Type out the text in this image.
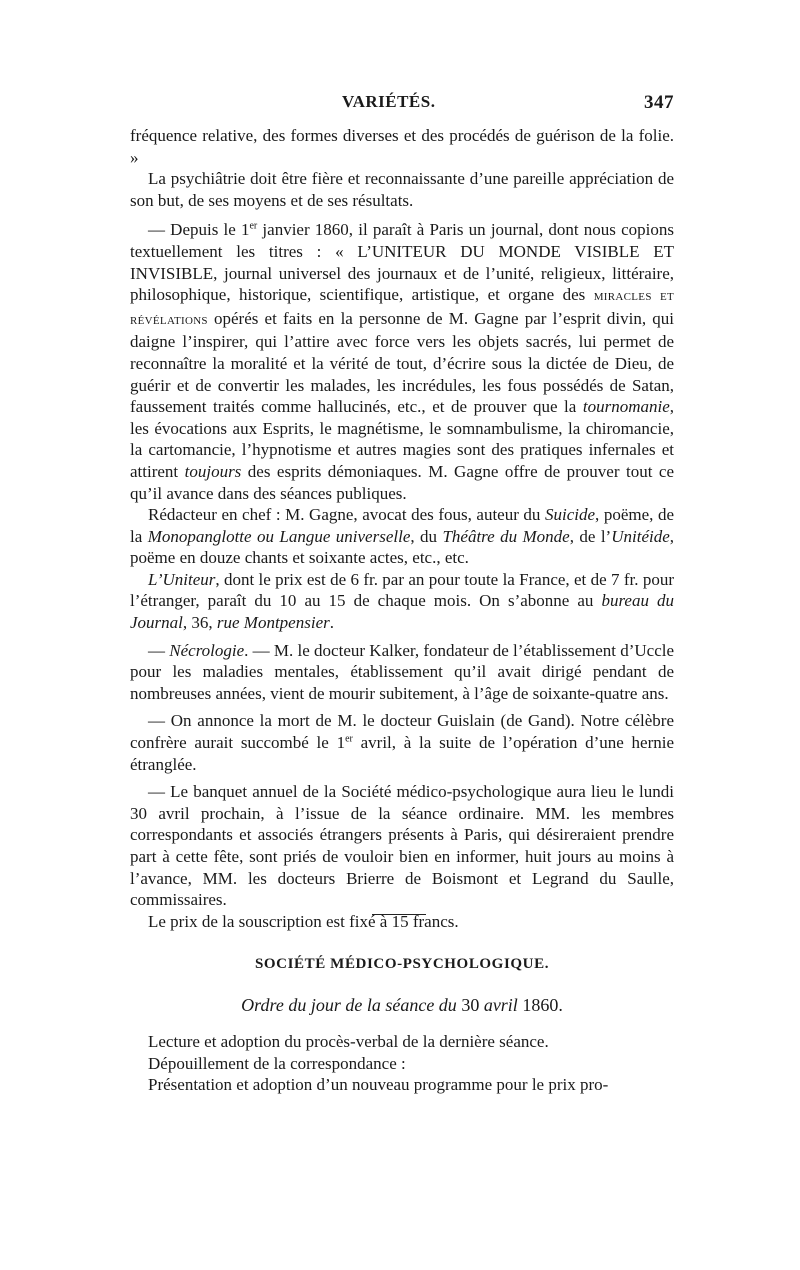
VARIÉTÉS.	347

fréquence relative, des formes diverses et des procédés de guérison de la folie. »

La psychiâtrie doit être fière et reconnaissante d’une pareille appréciation de son but, de ses moyens et de ses résultats.

— Depuis le 1er janvier 1860, il paraît à Paris un journal, dont nous copions textuellement les titres : « L’UNITEUR DU MONDE VISIBLE ET INVISIBLE, journal universel des journaux et de l’unité, religieux, littéraire, philosophique, historique, scientifique, artistique, et organe des miracles et révélations opérés et faits en la personne de M. Gagne par l’esprit divin, qui daigne l’inspirer, qui l’attire avec force vers les objets sacrés, lui permet de reconnaître la moralité et la vérité de tout, d’écrire sous la dictée de Dieu, de guérir et de convertir les malades, les incrédules, les fous possédés de Satan, faussement traités comme hallucinés, etc., et de prouver que la tournomanie, les évocations aux Esprits, le magnétisme, le somnambulisme, la chiromancie, la cartomancie, l’hypnotisme et autres magies sont des pratiques infernales et attirent toujours des esprits démoniaques. M. Gagne offre de prouver tout ce qu’il avance dans des séances publiques.

Rédacteur en chef : M. Gagne, avocat des fous, auteur du Suicide, poëme, de la Monopanglotte ou Langue universelle, du Théâtre du Monde, de l’Unitéide, poëme en douze chants et soixante actes, etc., etc.

L’Uniteur, dont le prix est de 6 fr. par an pour toute la France, et de 7 fr. pour l’étranger, paraît du 10 au 15 de chaque mois. On s’abonne au bureau du Journal, 36, rue Montpensier.

— Nécrologie. — M. le docteur Kalker, fondateur de l’établissement d’Uccle pour les maladies mentales, établissement qu’il avait dirigé pendant de nombreuses années, vient de mourir subitement, à l’âge de soixante-quatre ans.

— On annonce la mort de M. le docteur Guislain (de Gand). Notre célèbre confrère aurait succombé le 1er avril, à la suite de l’opération d’une hernie étranglée.

— Le banquet annuel de la Société médico-psychologique aura lieu le lundi 30 avril prochain, à l’issue de la séance ordinaire. MM. les membres correspondants et associés étrangers présents à Paris, qui désireraient prendre part à cette fête, sont priés de vouloir bien en informer, huit jours au moins à l’avance, MM. les docteurs Brierre de Boismont et Legrand du Saulle, commissaires.

Le prix de la souscription est fixé à 15 francs.

SOCIÉTÉ MÉDICO-PSYCHOLOGIQUE.
Ordre du jour de la séance du 30 avril 1860.

Lecture et adoption du procès-verbal de la dernière séance.

Dépouillement de la correspondance :

Présentation et adoption d’un nouveau programme pour le prix pro-
